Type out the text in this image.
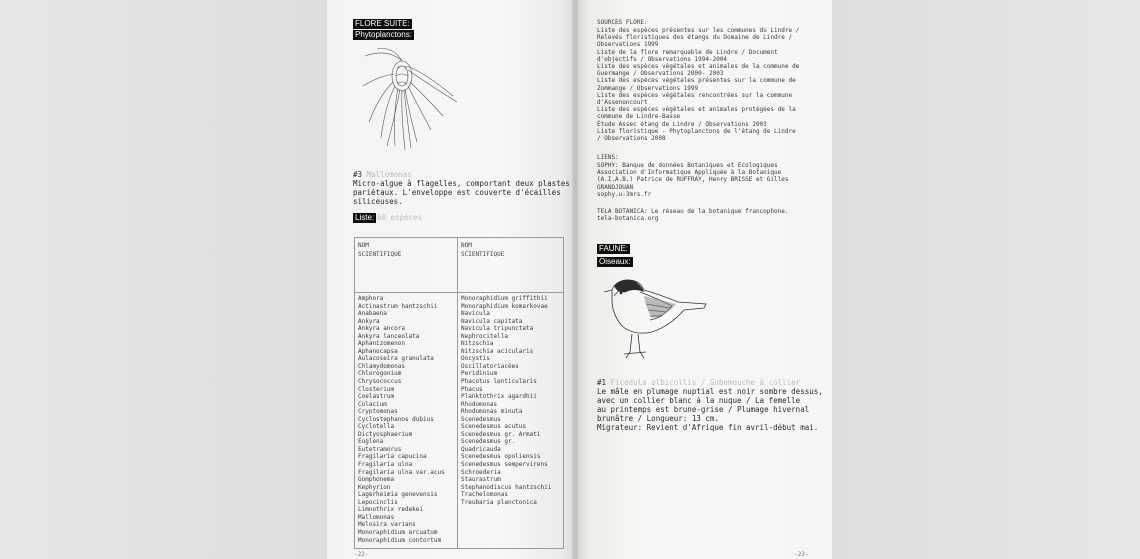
FLORE SUITE:
Phytoplanctons:
#3 Mallomonas
Micro-algue à flagelles, comportant deux plastes
pariétaux. L'enveloppe est couverte d'écailles
siliceuses.
Liste: 60 espèces
NOM
SCIENTIFIQUE
NOM
SCIENTIFIQUE
Amphora
Actinastrum hantzschii
Anabaena
Ankyra
Ankyra ancora
Ankyra lanceolata
Aphanizomenon
Aphanocapsa
Aulacoseira granulata
Chlamydomonas
Chlorogonium
Chrysococcus
Closterium
Coelastrum
Colacium
Cryptomonas
Cyclostephanos dubius
Cyclotella
Dictyosphaerium
Euglena
Eutetramorus
Fragilaria capucina
Fragilaria ulna
Fragilaria ulna var.acus
Gomphonema
Kephyrion
Lagerheimia genevensis
Lepocinclis
Limnothrix redekei
Mallomonas
Melosira varians
Monoraphidium arcuatum
Monoraphidium contortum
Monoraphidium griffithii
Monoraphidium komarkovae
Navicula
Navicula capitata
Navicula tripunctata
Nephrocitella
Nitzschia
Nitzschia acicularis
Oocystis
Oscillatoriacées
Peridinium
Phacotus lenticularis
Phacus
Planktothrix agardhii
Rhodomonas
Rhodomonas minuta
Scenedesmus
Scenedesmus acutus
Scenedesmus gr. Armati
Scenedesmus gr.
Quadricauda
Scenedesmus opoliensis
Scenedesmus sempervirens
Schroederia
Staurastrum
Stephanodiscus hantzschii
Trachelomonas
Treubaria planctonica
-22-
SOURCES FLORE:
Liste des espèces présentes sur les communes du Lindre /
Relevés floristiques des étangs du Domaine de Lindre /
Observations 1999
Liste de la flore remarquable de Lindre / Document
d'objectifs / Observations 1994-2004
Liste des espèces végétales et animales de la commune de
Guermange / Observations 2000- 2003
Liste des espèces végétales présentes sur la commune de
Zommange / Observations 1999
Liste des espèces végétales rencontrées sur la commune
d'Assenoncourt
Liste des espèces végétales et animales protégées de la
commune de Lindre-Basse
Étude Assec étang de Lindre / Observations 2003
Liste floristique - Phytoplanctons de l'étang de Lindre
/ Observations 2008
LIENS:
SOPHY: Banque de données Botaniques et Ecologiques
Association d'Informatique Appliquée à la Botanique
(A.I.A.B.) Patrice de RUFFRAY, Henry BRISSE et Gilles
GRANDJOUAN
sophy.u-3mrs.fr
TELA BOTANICA: Le réseau de la botanique francophone.
tela-botanica.org
FAUNE:
Oiseaux:
#1 Ficedula albicollis / Gobemouche à collier
Le mâle en plumage nuptial est noir sombre dessus,
avec un collier blanc à la nuque / La femelle
au printemps est brune-grise / Plumage hivernal
brunâtre / Longueur: 13 cm.
Migrateur: Revient d'Afrique fin avril-début mai.
-23-
